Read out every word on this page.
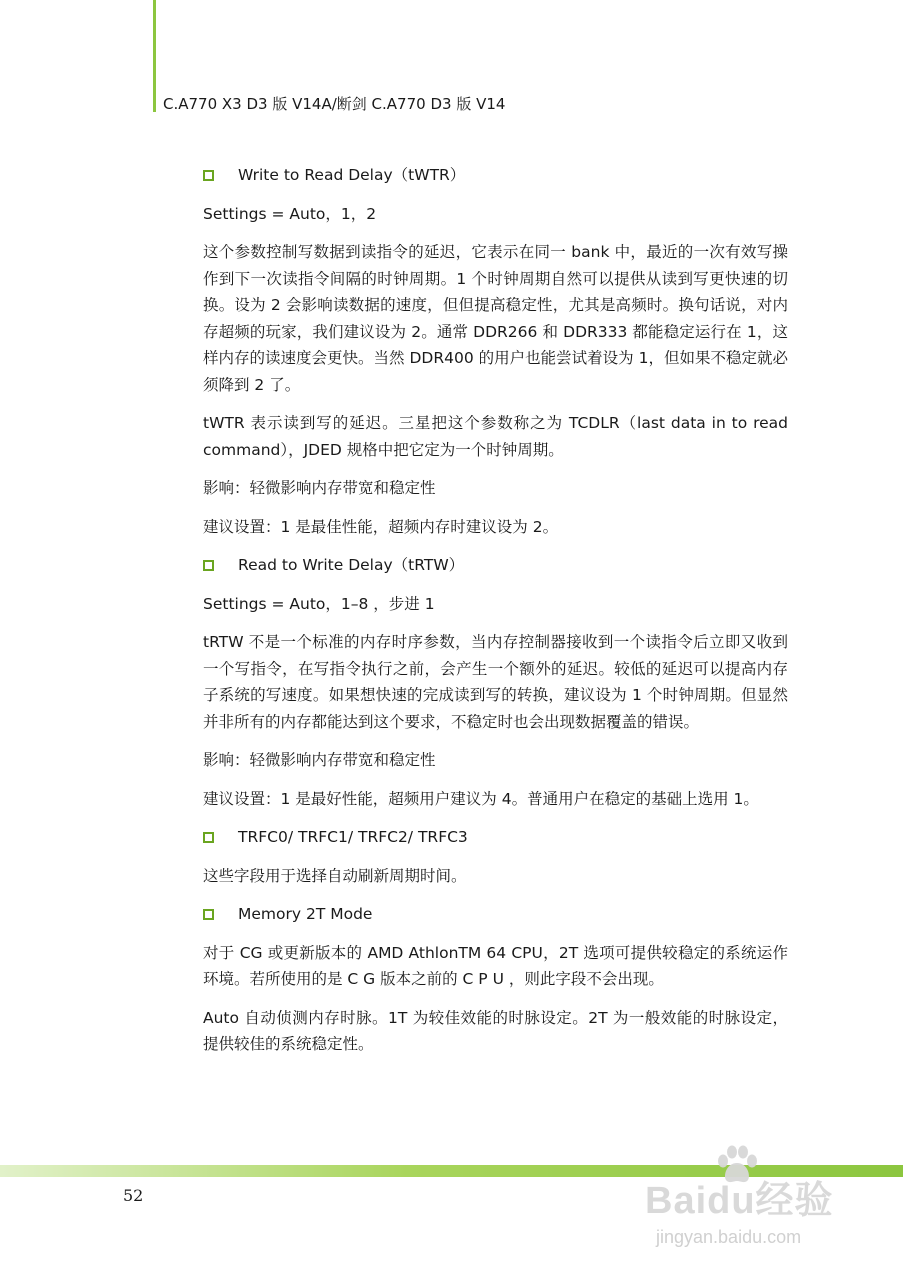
C.A770 X3 D3 版 V14A/断剑 C.A770 D3 版 V14
Write to Read Delay（tWTR）

Settings = Auto，1，2

这个参数控制写数据到读指令的延迟，它表示在同一 bank 中，最近的一次有效写操作到下一次读指令间隔的时钟周期。1 个时钟周期自然可以提供从读到写更快速的切换。设为 2 会影响读数据的速度，但但提高稳定性，尤其是高频时。换句话说，对内存超频的玩家，我们建议设为 2。通常 DDR266 和 DDR333 都能稳定运行在 1，这样内存的读速度会更快。当然 DDR400 的用户也能尝试着设为 1，但如果不稳定就必须降到 2 了。

tWTR 表示读到写的延迟。三星把这个参数称之为 TCDLR（last data in to read command），JDED 规格中把它定为一个时钟周期。

影响：轻微影响内存带宽和稳定性

建议设置：1 是最佳性能，超频内存时建议设为 2。

Read to Write Delay（tRTW）

Settings = Auto，1–8 ，步进 1

tRTW 不是一个标准的内存时序参数，当内存控制器接收到一个读指令后立即又收到一个写指令，在写指令执行之前，会产生一个额外的延迟。较低的延迟可以提高内存子系统的写速度。如果想快速的完成读到写的转换，建议设为 1 个时钟周期。但显然并非所有的内存都能达到这个要求，不稳定时也会出现数据覆盖的错误。

影响：轻微影响内存带宽和稳定性

建议设置：1 是最好性能，超频用户建议为 4。普通用户在稳定的基础上选用 1。

TRFC0/ TRFC1/ TRFC2/ TRFC3

这些字段用于选择自动刷新周期时间。

Memory 2T Mode

对于 CG 或更新版本的 AMD AthlonTM 64 CPU，2T 选项可提供较稳定的系统运作环境。若所使用的是 C G 版本之前的 C P U ，则此字段不会出现。

Auto 自动侦测内存时脉。1T 为较佳效能的时脉设定。2T 为一般效能的时脉设定，提供较佳的系统稳定性。

52	Baidu经验
jingyan.baidu.com
